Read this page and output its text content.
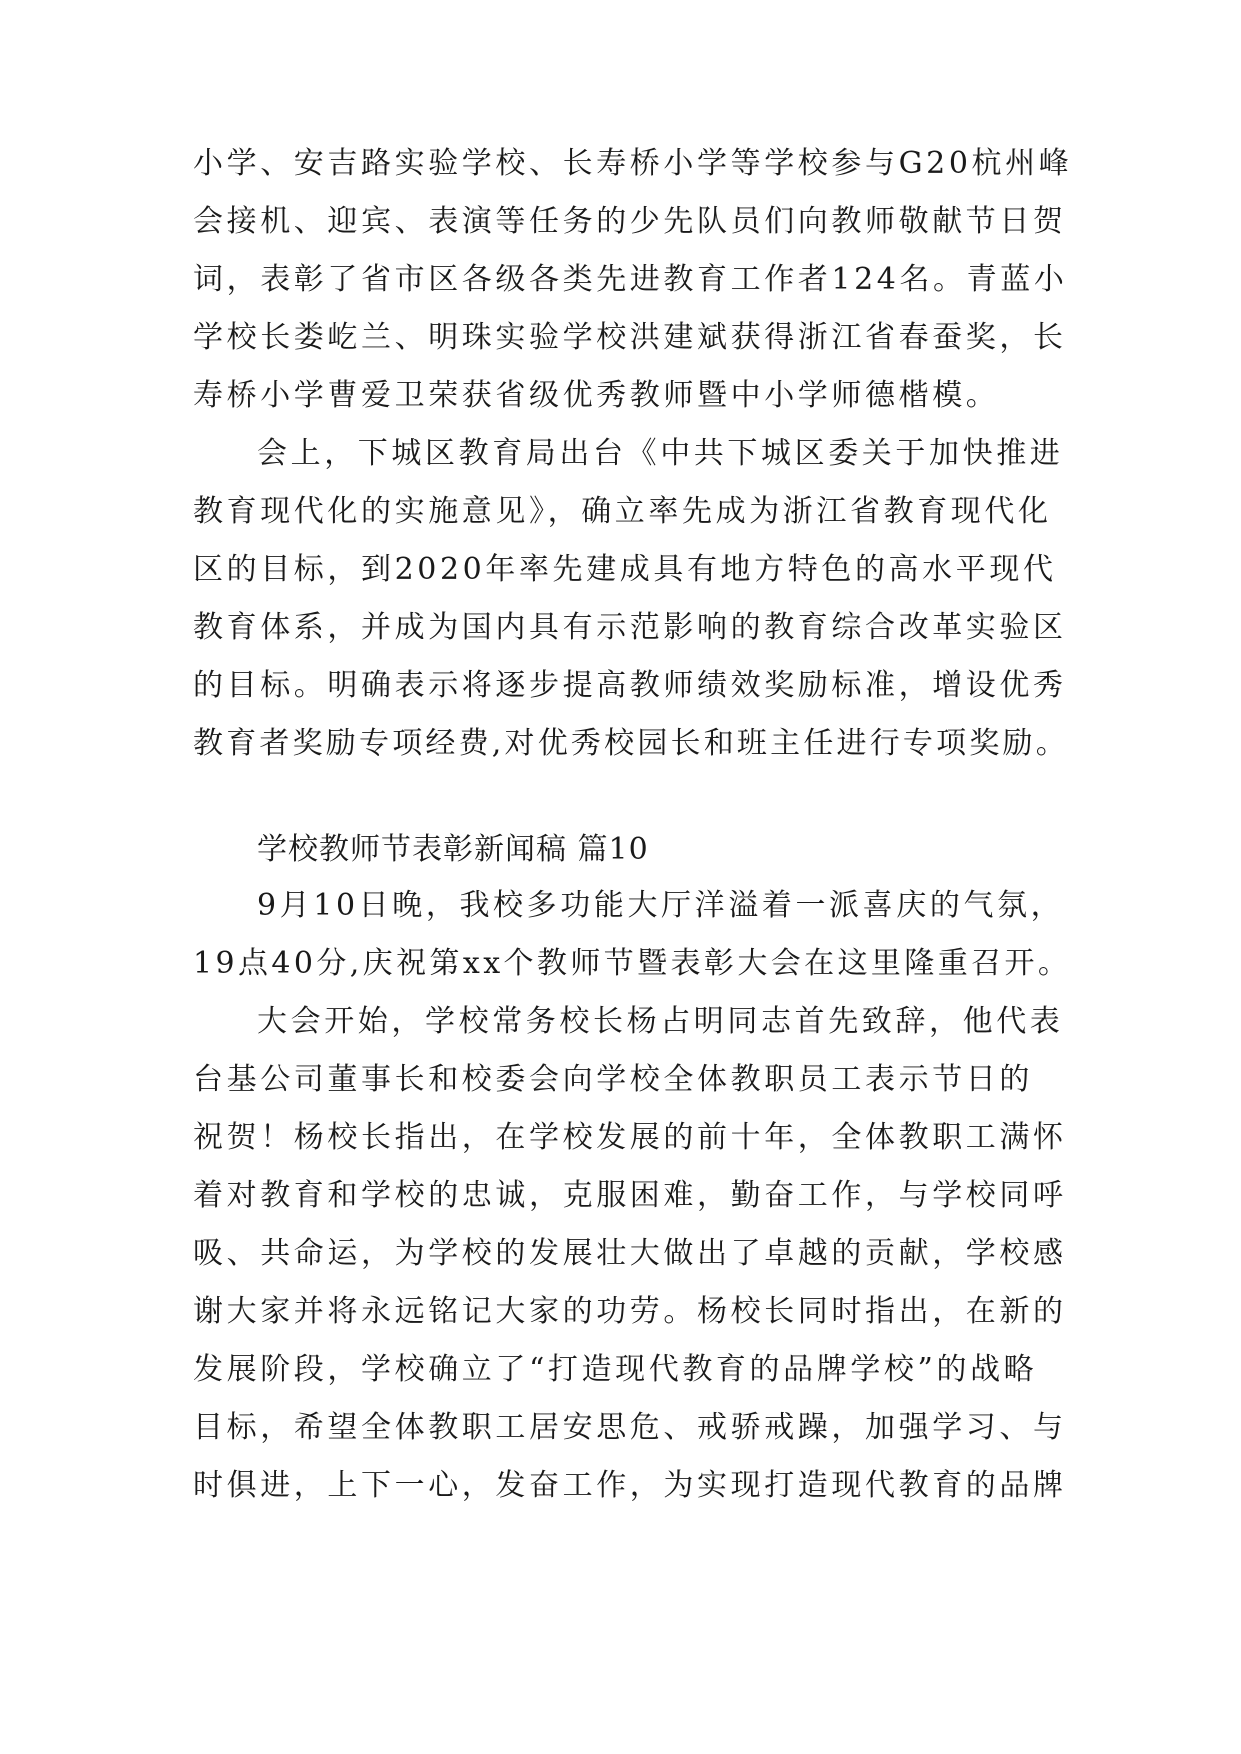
小学、安吉路实验学校、长寿桥小学等学校参与G20杭州峰
会接机、迎宾、表演等任务的少先队员们向教师敬献节日贺
词，表彰了省市区各级各类先进教育工作者124名。青蓝小
学校长娄屹兰、明珠实验学校洪建斌获得浙江省春蚕奖，长
寿桥小学曹爱卫荣获省级优秀教师暨中小学师德楷模。
会上，下城区教育局出台《中共下城区委关于加快推进
教育现代化的实施意见》，确立率先成为浙江省教育现代化
区的目标，到2020年率先建成具有地方特色的高水平现代
教育体系，并成为国内具有示范影响的教育综合改革实验区
的目标。明确表示将逐步提高教师绩效奖励标准，增设优秀
教育者奖励专项经费,对优秀校园长和班主任进行专项奖励。
学校教师节表彰新闻稿 篇10
9月10日晚，我校多功能大厅洋溢着一派喜庆的气氛，
19点40分,庆祝第xx个教师节暨表彰大会在这里隆重召开。
大会开始，学校常务校长杨占明同志首先致辞，他代表
台基公司董事长和校委会向学校全体教职员工表示节日的
祝贺！杨校长指出，在学校发展的前十年，全体教职工满怀
着对教育和学校的忠诚，克服困难，勤奋工作，与学校同呼
吸、共命运，为学校的发展壮大做出了卓越的贡献，学校感
谢大家并将永远铭记大家的功劳。杨校长同时指出，在新的
发展阶段，学校确立了“打造现代教育的品牌学校”的战略
目标，希望全体教职工居安思危、戒骄戒躁，加强学习、与
时俱进，上下一心，发奋工作，为实现打造现代教育的品牌
